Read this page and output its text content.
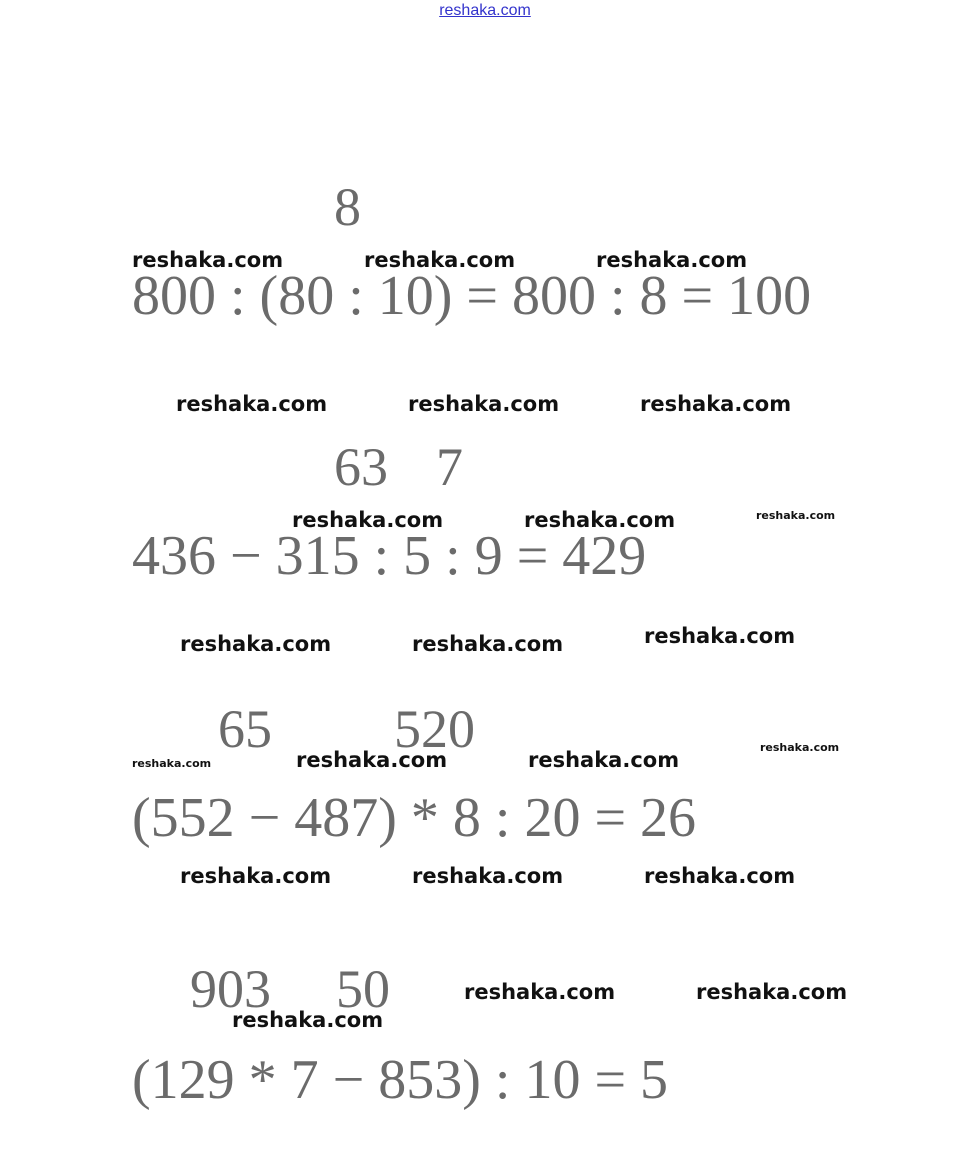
reshaka.com
8
800 : (80 : 10) = 800 : 8 = 100
63 7
436 − 315 : 5 : 9 = 429
65 520
(552 − 487) * 8 : 20 = 26
903 50
(129 * 7 − 853) : 10 = 5
reshaka.com	reshaka.com	reshaka.com
reshaka.com	reshaka.com	reshaka.com
reshaka.com	reshaka.com	reshaka.com
reshaka.com	reshaka.com	reshaka.com
reshaka.com	reshaka.com	reshaka.com
reshaka.com
reshaka.com	reshaka.com	reshaka.com
reshaka.com	reshaka.com
reshaka.com
